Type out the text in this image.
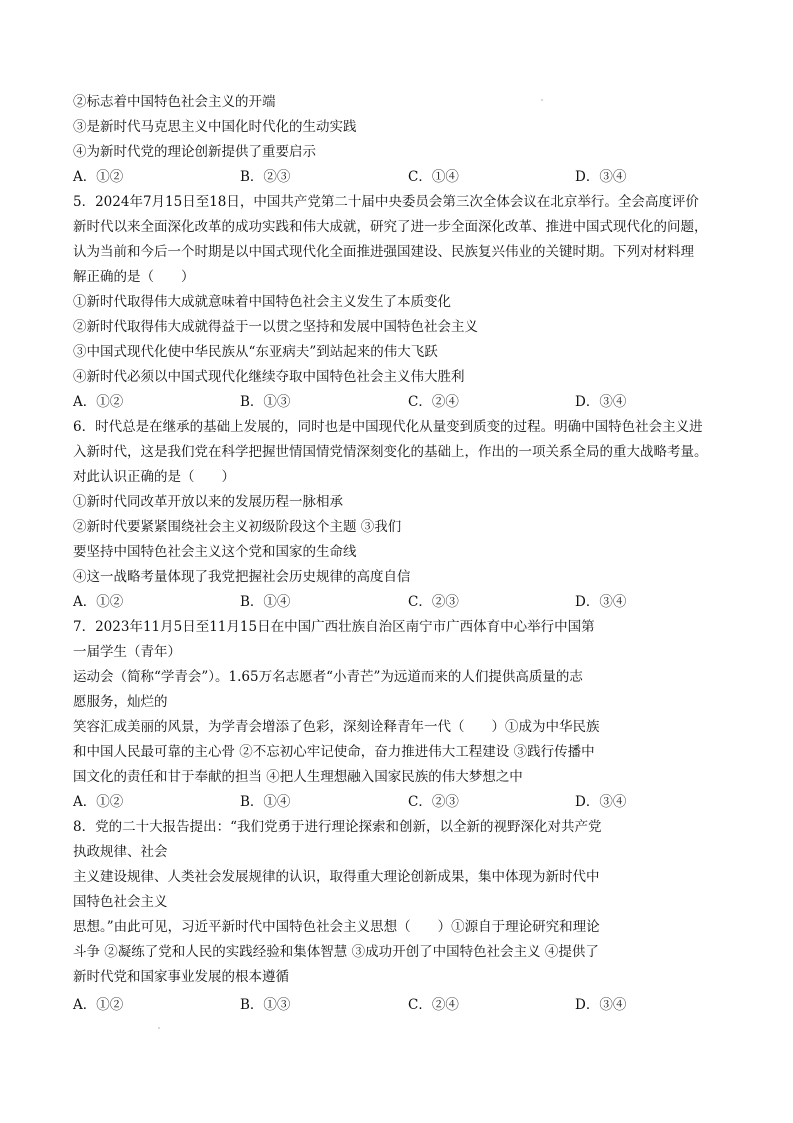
②标志着中国特色社会主义的开端
③是新时代马克思主义中国化时代化的生动实践
④为新时代党的理论创新提供了重要启示
A．①②	B．②③	C．①④	D．③④
5．2024年7月15日至18日，中国共产党第二十届中央委员会第三次全体会议在北京举行。全会高度评价
新时代以来全面深化改革的成功实践和伟大成就，研究了进一步全面深化改革、推进中国式现代化的问题，
认为当前和今后一个时期是以中国式现代化全面推进强国建设、民族复兴伟业的关键时期。下列对材料理
解正确的是（　　）
①新时代取得伟大成就意味着中国特色社会主义发生了本质变化
②新时代取得伟大成就得益于一以贯之坚持和发展中国特色社会主义
③中国式现代化使中华民族从“东亚病夫”到站起来的伟大飞跃
④新时代必须以中国式现代化继续夺取中国特色社会主义伟大胜利
A．①②	B．①③	C．②④	D．③④
6．时代总是在继承的基础上发展的，同时也是中国现代化从量变到质变的过程。明确中国特色社会主义进
入新时代，这是我们党在科学把握世情国情党情深刻变化的基础上，作出的一项关系全局的重大战略考量。
对此认识正确的是（　　）
①新时代同改革开放以来的发展历程一脉相承
②新时代要紧紧围绕社会主义初级阶段这个主题 ③我们
要坚持中国特色社会主义这个党和国家的生命线
④这一战略考量体现了我党把握社会历史规律的高度自信
A．①②	B．①④	C．②③	D．③④
7．2023年11月5日至11月15日在中国广西壮族自治区南宁市广西体育中心举行中国第
一届学生（青年）
运动会（简称“学青会”）。1.65万名志愿者“小青芒”为远道而来的人们提供高质量的志
愿服务，灿烂的
笑容汇成美丽的风景，为学青会增添了色彩，深刻诠释青年一代（　　）①成为中华民族
和中国人民最可靠的主心骨 ②不忘初心牢记使命，奋力推进伟大工程建设 ③践行传播中
国文化的责任和甘于奉献的担当 ④把人生理想融入国家民族的伟大梦想之中
A．①②	B．①④	C．②③	D．③④
8．党的二十大报告提出：“我们党勇于进行理论探索和创新，以全新的视野深化对共产党
执政规律、社会
主义建设规律、人类社会发展规律的认识，取得重大理论创新成果，集中体现为新时代中
国特色社会主义
思想。”由此可见，习近平新时代中国特色社会主义思想（　　）①源自于理论研究和理论
斗争 ②凝练了党和人民的实践经验和集体智慧 ③成功开创了中国特色社会主义 ④提供了
新时代党和国家事业发展的根本遵循
A．①②	B．①③	C．②④	D．③④
